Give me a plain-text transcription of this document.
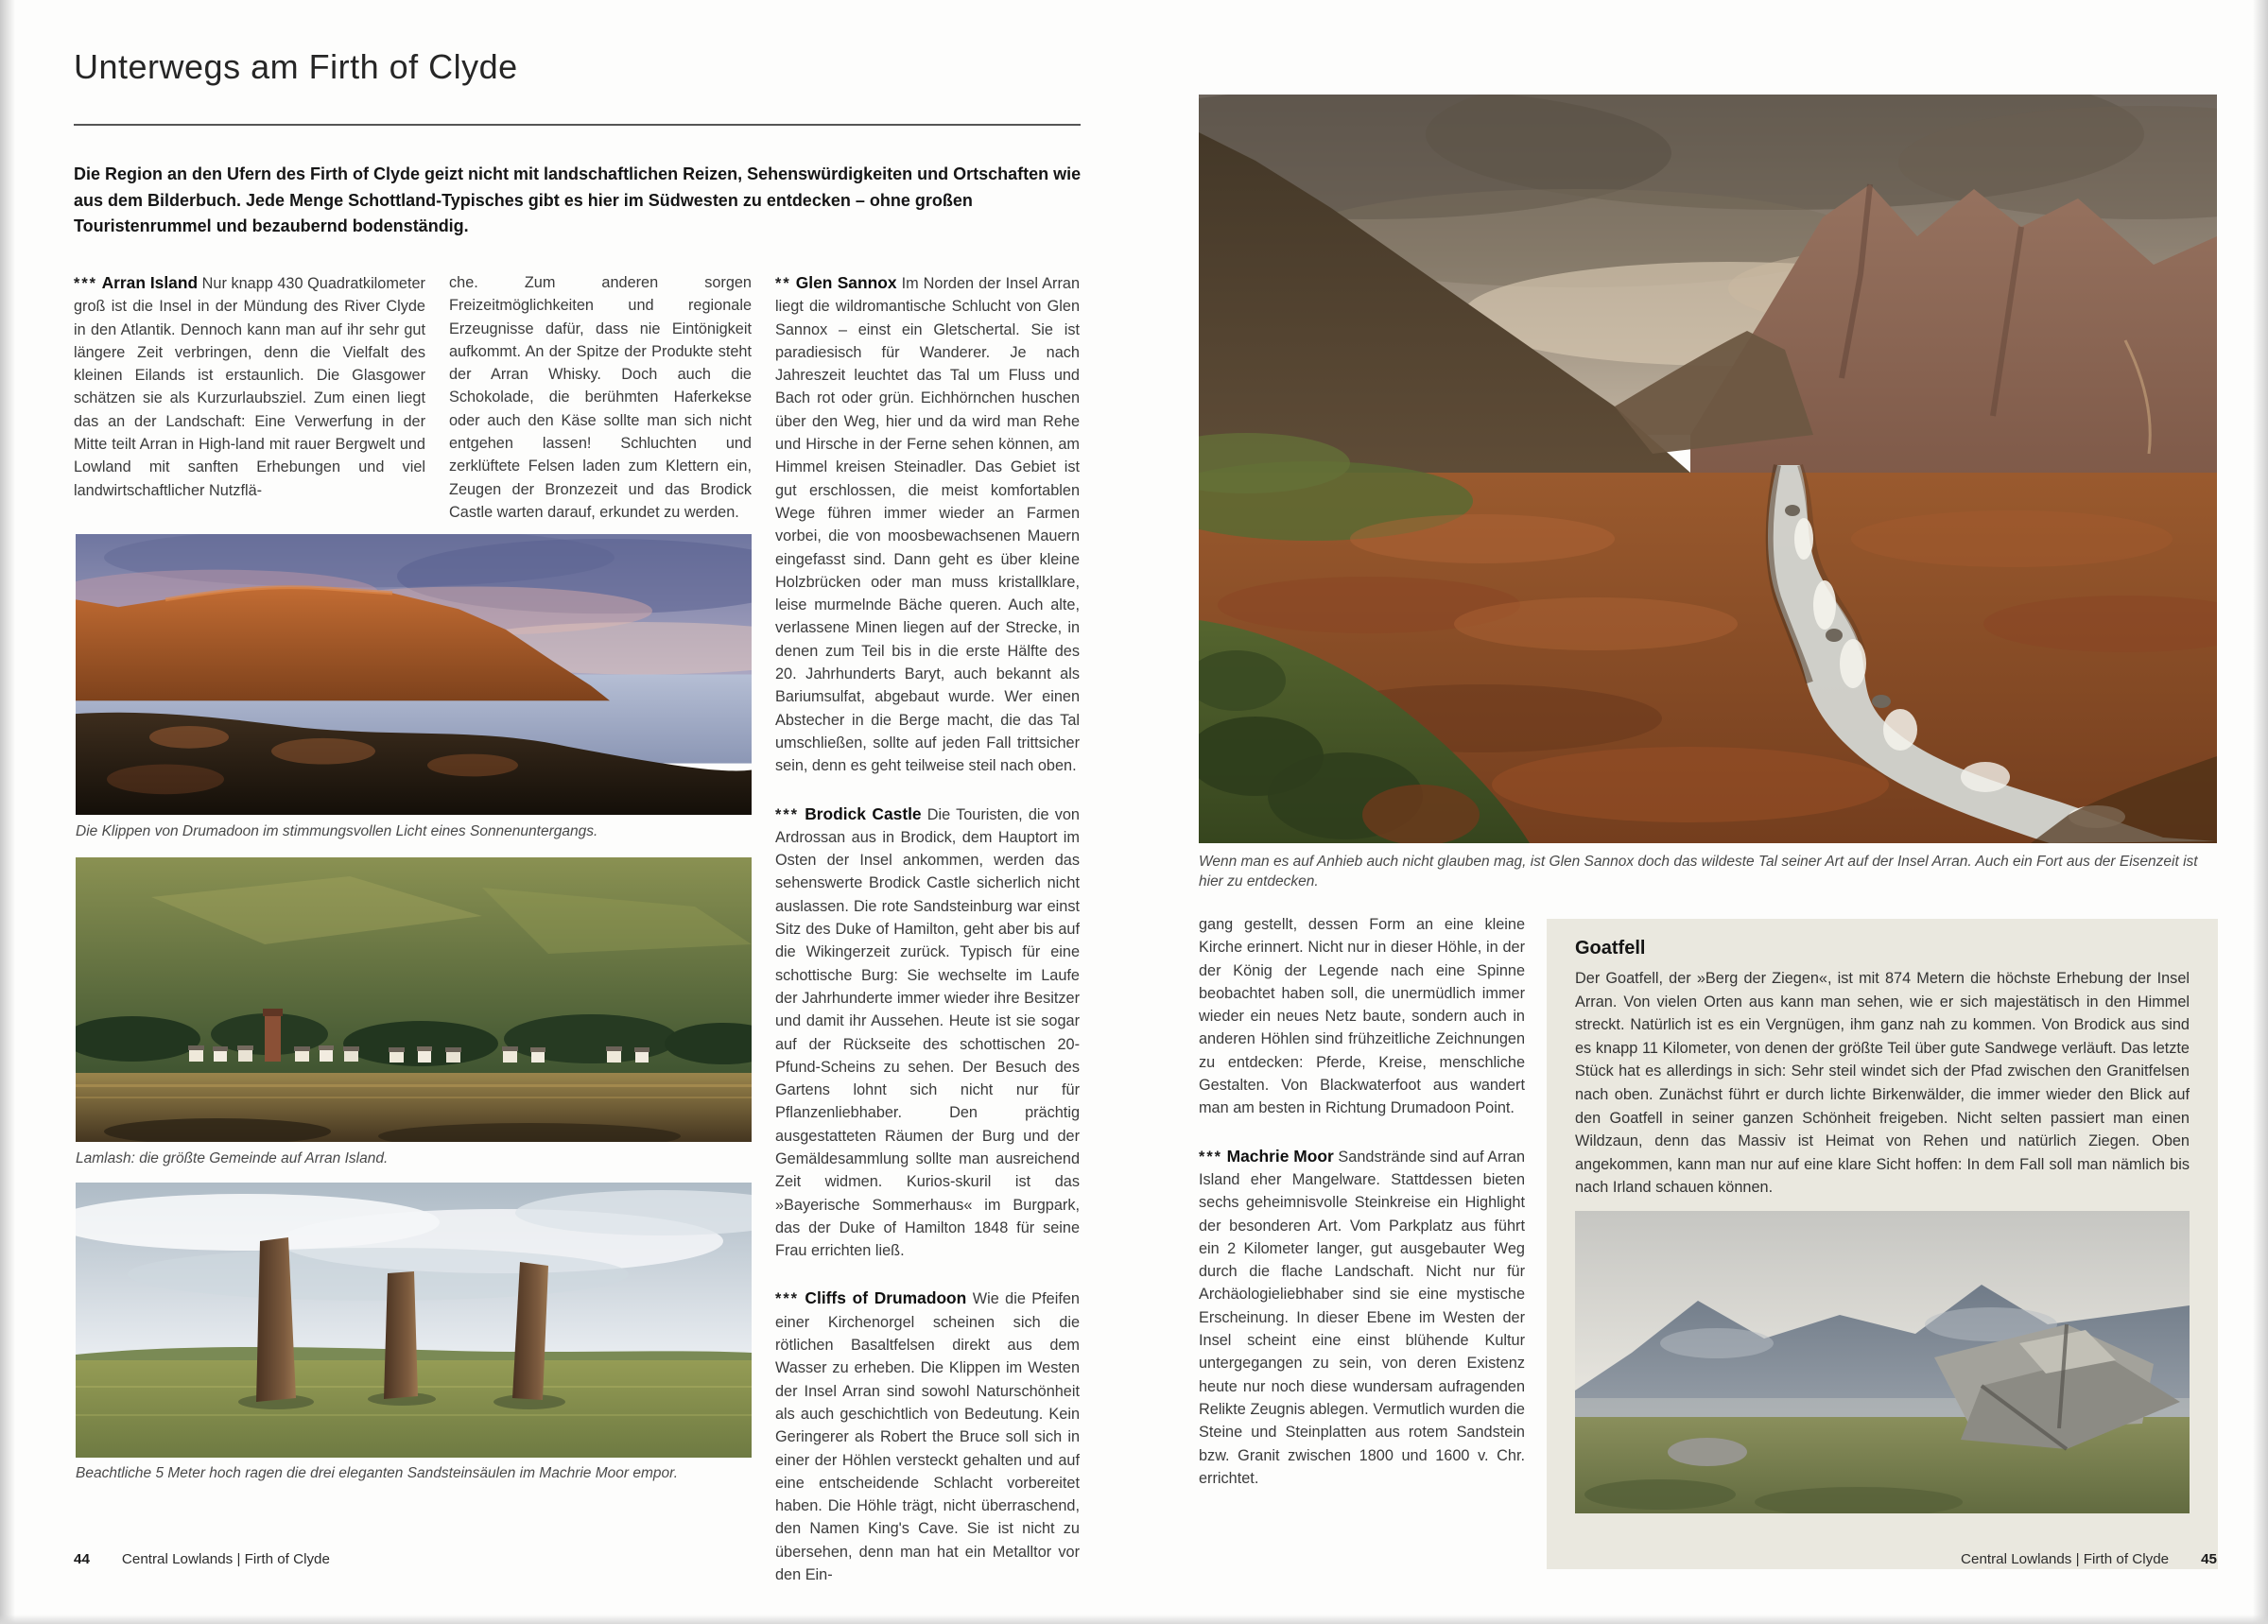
Unterwegs am Firth of Clyde

Die Region an den Ufern des Firth of Clyde geizt nicht mit landschaftlichen Reizen, Sehenswürdigkeiten und Ortschaften wie aus dem Bilderbuch. Jede Menge Schottland-Typisches gibt es hier im Südwesten zu entdecken – ohne großen Touristenrummel und bezaubernd bodenständig.

*** Arran Island Nur knapp 430 Quadratkilometer groß ist die Insel in der Mündung des River Clyde in den Atlantik. Dennoch kann man auf ihr sehr gut längere Zeit verbringen, denn die Vielfalt des kleinen Eilands ist erstaunlich. Die Glasgower schätzen sie als Kurzurlaubsziel. Zum einen liegt das an der Landschaft: Eine Verwerfung in der Mitte teilt Arran in High-land mit rauer Bergwelt und Lowland mit sanften Erhebungen und viel landwirtschaftlicher Nutzflä-

che. Zum anderen sorgen Freizeitmöglichkeiten und regionale Erzeugnisse dafür, dass nie Eintönigkeit aufkommt. An der Spitze der Produkte steht der Arran Whisky. Doch auch die Schokolade, die berühmten Haferkekse oder auch den Käse sollte man sich nicht entgehen lassen! Schluchten und zerklüftete Felsen laden zum Klettern ein, Zeugen der Bronzezeit und das Brodick Castle warten darauf, erkundet zu werden.

Die Klippen von Drumadoon im stimmungsvollen Licht eines Sonnenuntergangs.
Lamlash: die größte Gemeinde auf Arran Island.
Beachtliche 5 Meter hoch ragen die drei eleganten Sandsteinsäulen im Machrie Moor empor.

** Glen Sannox Im Norden der Insel Arran liegt die wildromantische Schlucht von Glen Sannox – einst ein Gletschertal. Sie ist paradiesisch für Wanderer. Je nach Jahreszeit leuchtet das Tal um Fluss und Bach rot oder grün. Eichhörnchen huschen über den Weg, hier und da wird man Rehe und Hirsche in der Ferne sehen können, am Himmel kreisen Steinadler. Das Gebiet ist gut erschlossen, die meist komfortablen Wege führen immer wieder an Farmen vorbei, die von moosbewachsenen Mauern eingefasst sind. Dann geht es über kleine Holzbrücken oder man muss kristallklare, leise murmelnde Bäche queren. Auch alte, verlassene Minen liegen auf der Strecke, in denen zum Teil bis in die erste Hälfte des 20. Jahrhunderts Baryt, auch bekannt als Bariumsulfat, abgebaut wurde. Wer einen Abstecher in die Berge macht, die das Tal umschließen, sollte auf jeden Fall trittsicher sein, denn es geht teilweise steil nach oben.

*** Brodick Castle Die Touristen, die von Ardrossan aus in Brodick, dem Hauptort im Osten der Insel ankommen, werden das sehenswerte Brodick Castle sicherlich nicht auslassen. Die rote Sandsteinburg war einst Sitz des Duke of Hamilton, geht aber bis auf die Wikingerzeit zurück. Typisch für eine schottische Burg: Sie wechselte im Laufe der Jahrhunderte immer wieder ihre Besitzer und damit ihr Aussehen. Heute ist sie sogar auf der Rückseite des schottischen 20-Pfund-Scheins zu sehen. Der Besuch des Gartens lohnt sich nicht nur für Pflanzenliebhaber. Den prächtig ausgestatteten Räumen der Burg und der Gemäldesammlung sollte man ausreichend Zeit widmen. Kurios-skuril ist das »Bayerische Sommerhaus« im Burgpark, das der Duke of Hamilton 1848 für seine Frau errichten ließ.

*** Cliffs of Drumadoon Wie die Pfeifen einer Kirchenorgel scheinen sich die rötlichen Basaltfelsen direkt aus dem Wasser zu erheben. Die Klippen im Westen der Insel Arran sind sowohl Naturschönheit als auch geschichtlich von Bedeutung. Kein Geringerer als Robert the Bruce soll sich in einer der Höhlen versteckt gehalten und auf eine entscheidende Schlacht vorbereitet haben. Die Höhle trägt, nicht überraschend, den Namen King's Cave. Sie ist nicht zu übersehen, denn man hat ein Metalltor vor den Ein-

44 Central Lowlands | Firth of Clyde
Wenn man es auf Anhieb auch nicht glauben mag, ist Glen Sannox doch das wildeste Tal seiner Art auf der Insel Arran. Auch ein Fort aus der Eisenzeit ist hier zu entdecken.

gang gestellt, dessen Form an eine kleine Kirche erinnert. Nicht nur in dieser Höhle, in der der König der Legende nach eine Spinne beobachtet haben soll, die unermüdlich immer wieder ein neues Netz baute, sondern auch in anderen Höhlen sind frühzeitliche Zeichnungen zu entdecken: Pferde, Kreise, menschliche Gestalten. Von Blackwaterfoot aus wandert man am besten in Richtung Drumadoon Point.

*** Machrie Moor Sandstrände sind auf Arran Island eher Mangelware. Stattdessen bieten sechs geheimnisvolle Steinkreise ein Highlight der besonderen Art. Vom Parkplatz aus führt ein 2 Kilometer langer, gut ausgebauter Weg durch die flache Landschaft. Nicht nur für Archäologieliebhaber sind sie eine mystische Erscheinung. In dieser Ebene im Westen der Insel scheint eine einst blühende Kultur untergegangen zu sein, von deren Existenz heute nur noch diese wundersam aufragenden Relikte Zeugnis ablegen. Vermutlich wurden die Steine und Steinplatten aus rotem Sandstein bzw. Granit zwischen 1800 und 1600 v. Chr. errichtet.

Goatfell

Der Goatfell, der »Berg der Ziegen«, ist mit 874 Metern die höchste Erhebung der Insel Arran. Von vielen Orten aus kann man sehen, wie er sich majestätisch in den Himmel streckt. Natürlich ist es ein Vergnügen, ihm ganz nah zu kommen. Von Brodick aus sind es knapp 11 Kilometer, von denen der größte Teil über gute Sandwege verläuft. Das letzte Stück hat es allerdings in sich: Sehr steil windet sich der Pfad zwischen den Granitfelsen nach oben. Zunächst führt er durch lichte Birkenwälder, die immer wieder den Blick auf den Goatfell in seiner ganzen Schönheit freigeben. Nicht selten passiert man einen Wildzaun, denn das Massiv ist Heimat von Rehen und natürlich Ziegen. Oben angekommen, kann man nur auf eine klare Sicht hoffen: In dem Fall soll man nämlich bis nach Irland schauen können.

Central Lowlands | Firth of Clyde 45
